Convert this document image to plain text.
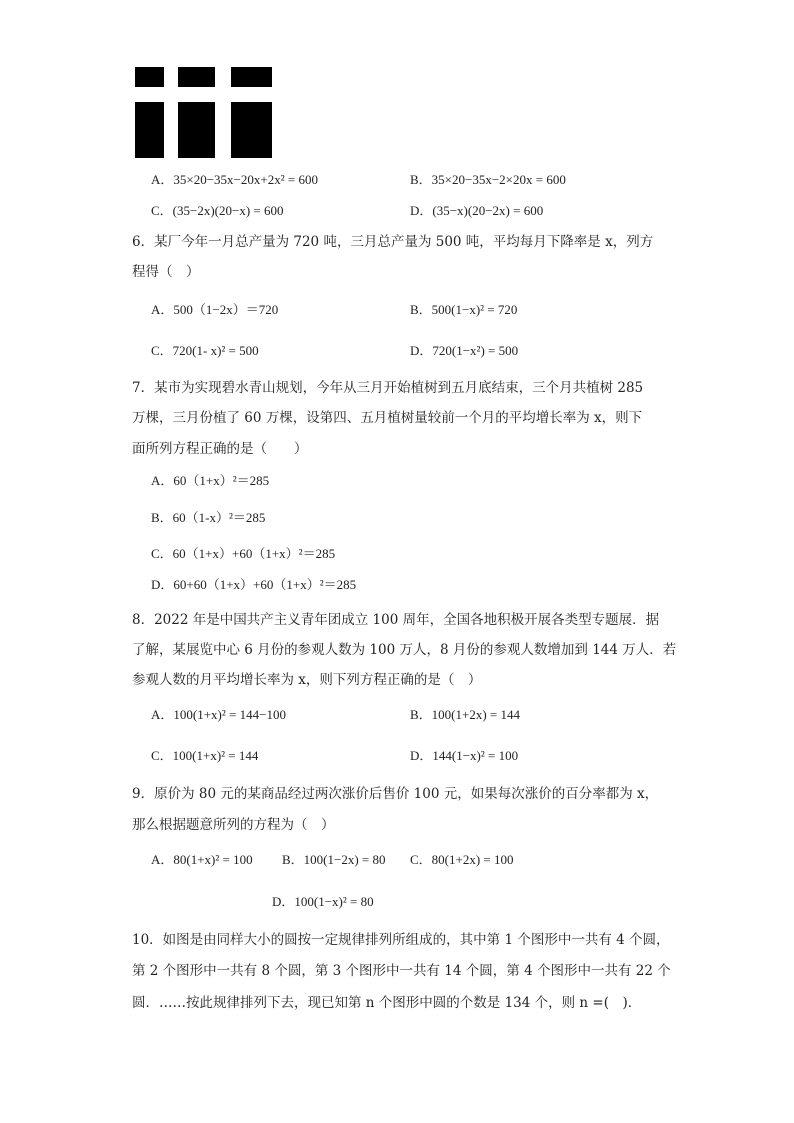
A．35×20−35x−20x+2x² = 600	B．35×20−35x−2×20x = 600
C．(35−2x)(20−x) = 600	D．(35−x)(20−2x) = 600
6．某厂今年一月总产量为 720 吨，三月总产量为 500 吨，平均每月下降率是 x，列方
程得（　）
A．500（1−2x）＝720	B．500(1−x)² = 720
C．720(1- x)² = 500	D．720(1−x²) = 500
7．某市为实现碧水青山规划，今年从三月开始植树到五月底结束，三个月共植树 285
万棵，三月份植了 60 万棵，设第四、五月植树量较前一个月的平均增长率为 x，则下
面所列方程正确的是（　　）
A．60（1+x）²＝285
B．60（1-x）²＝285
C．60（1+x）+60（1+x）²＝285
D．60+60（1+x）+60（1+x）²＝285
8．2022 年是中国共产主义青年团成立 100 周年，全国各地积极开展各类型专题展．据
了解，某展览中心 6 月份的参观人数为 100 万人，8 月份的参观人数增加到 144 万人．若
参观人数的月平均增长率为 x，则下列方程正确的是（　）
A．100(1+x)² = 144−100	B．100(1+2x) = 144
C．100(1+x)² = 144	D．144(1−x)² = 100
9．原价为 80 元的某商品经过两次涨价后售价 100 元，如果每次涨价的百分率都为 x，
那么根据题意所列的方程为（　）
A．80(1+x)² = 100 B．100(1−2x) = 80 C．80(1+2x) = 100
D．100(1−x)² = 80
10．如图是由同样大小的圆按一定规律排列所组成的，其中第 1 个图形中一共有 4 个圆，
第 2 个图形中一共有 8 个圆，第 3 个图形中一共有 14 个圆，第 4 个图形中一共有 22 个
圆．……按此规律排列下去，现已知第 n 个图形中圆的个数是 134 个，则 n =(　)．
